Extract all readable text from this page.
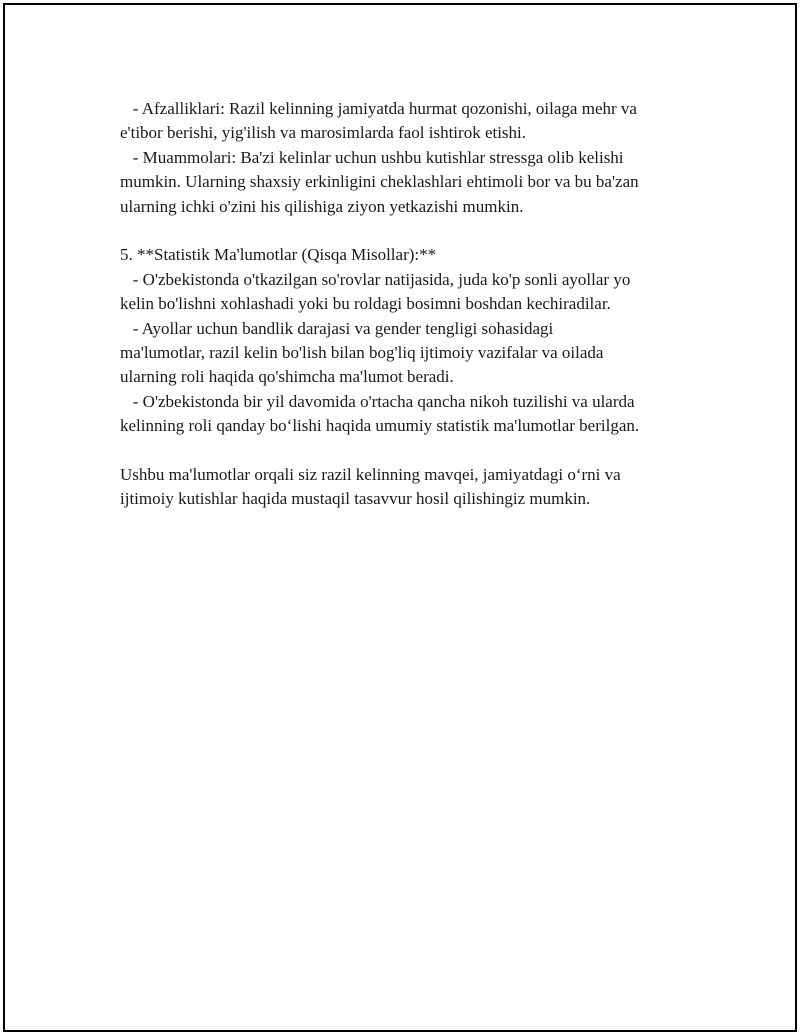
- Afzalliklari: Razil kelinning jamiyatda hurmat qozonishi, oilaga mehr va
e'tibor berishi, yig'ilish va marosimlarda faol ishtirok etishi.
- Muammolari: Ba'zi kelinlar uchun ushbu kutishlar stressga olib kelishi
mumkin. Ularning shaxsiy erkinligini cheklashlari ehtimoli bor va bu ba'zan
ularning ichki o'zini his qilishiga ziyon yetkazishi mumkin.
5. **Statistik Ma'lumotlar (Qisqa Misollar):**
- O'zbekistonda o'tkazilgan so'rovlar natijasida, juda ko'p sonli ayollar yo
kelin bo'lishni xohlashadi yoki bu roldagi bosimni boshdan kechiradilar.
- Ayollar uchun bandlik darajasi va gender tengligi sohasidagi
ma'lumotlar, razil kelin bo'lish bilan bog'liq ijtimoiy vazifalar va oilada
ularning roli haqida qo'shimcha ma'lumot beradi.
- O'zbekistonda bir yil davomida o'rtacha qancha nikoh tuzilishi va ularda
kelinning roli qanday bo‘lishi haqida umumiy statistik ma'lumotlar berilgan.
Ushbu ma'lumotlar orqali siz razil kelinning mavqei, jamiyatdagi o‘rni va
ijtimoiy kutishlar haqida mustaqil tasavvur hosil qilishingiz mumkin.
